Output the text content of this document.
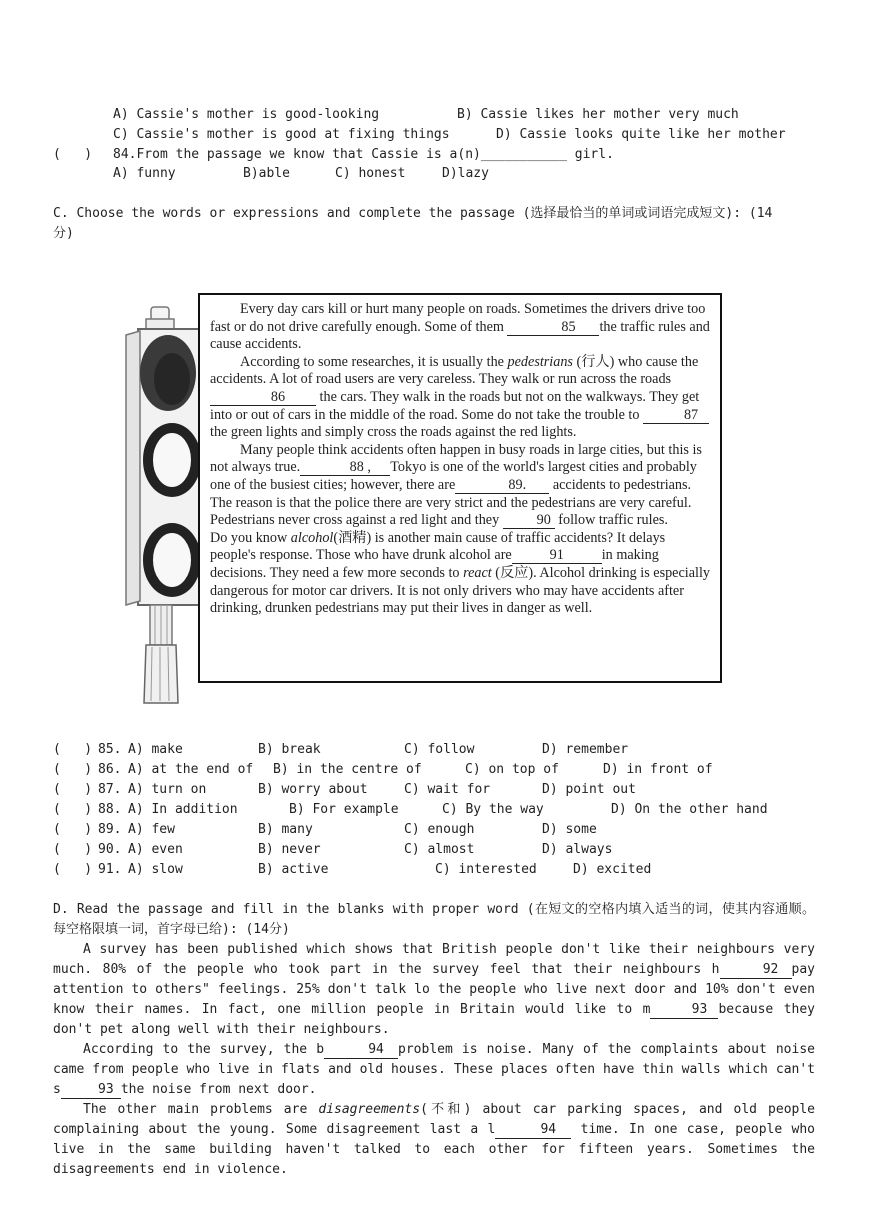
A) Cassie's mother is good-looking	B) Cassie likes her mother very much
C) Cassie's mother is good at fixing things	D) Cassie looks quite like her mother
(   ) 84.From the passage we know that Cassie is a(n)___________ girl.
A) funny	B)able	C) honest	D)lazy
C. Choose the words or expressions and complete the passage (选择最恰当的单词或词语完成短文): (14
分)

Every day cars kill or hurt many people on roads. Sometimes the drivers drive too fast or do not drive carefully enough. Some of them	85 the traffic rules and cause accidents.

According to some researches, it is usually the pedestrians (行人) who cause the accidents. A lot of road users are very careless. They walk or run across the roads86 the cars. They walk in the roads but not on the walkways. They get into or out of cars in the middle of the road. Some do not take the trouble to	87 the green lights and simply cross the roads against the red lights.

Many people think accidents often happen in busy roads in large cities, but this is not always true.	88 , Tokyo is one of the world's largest cities and probably one of the busiest cities; however, there are	89. accidents to pedestrians. The reason is that the police there are very strict and the pedestrians are very careful. Pedestrians never cross against a red light and they 90 follow traffic rules.

Do you know alcohol(酒精) is another main cause of traffic accidents? It delays people's response. Those who have drunk alcohol are	91	in making decisions. They need a few more seconds to react (反应). Alcohol drinking is especially dangerous for motor car drivers. It is not only drivers who may have accidents after drinking, drunken pedestrians may put their lives in danger as well.

(   ) 85. A) make	B) break	C) follow	D) remember
(   ) 86. A) at the end of B) in the centre of	C) on top of	D) in front of
(   ) 87. A) turn on	B) worry about	C) wait for	D) point out
(   ) 88. A) In addition	B) For example	C) By the way	D) On the other hand
(   ) 89. A) few	B) many	C) enough	D) some
(   ) 90. A) even	B) never	C) almost	D) always
(   ) 91. A) slow	B) active	C) interested	D) excited
D. Read the passage and fill in the blanks with proper word (在短文的空格内填入适当的词，使其内容通顺。每空格限填一词，首字母已给): (14分)
A survey has been published which shows that British people don't like their neighbours very much. 80% of the people who took part in the survey feel that their neighbours h	92 pay attention to others" feelings. 25% don't talk lo the people who live next door and 10% don't even know their names. In fact, one million people in Britain would like to m	93 because they don't pet along well with their neighbours.
According to the survey, the b	94 problem is noise. Many of the complaints about noise came from people who live in flats and old houses. These places often have thin walls which can't s	93 the noise from next door.
The other main problems are disagreements(不和) about car parking spaces, and old people complaining about the young. Some disagreement last a l	94 time. In one case, people who live in the same building haven't talked to each other for fifteen years. Sometimes the disagreements end in violence.
